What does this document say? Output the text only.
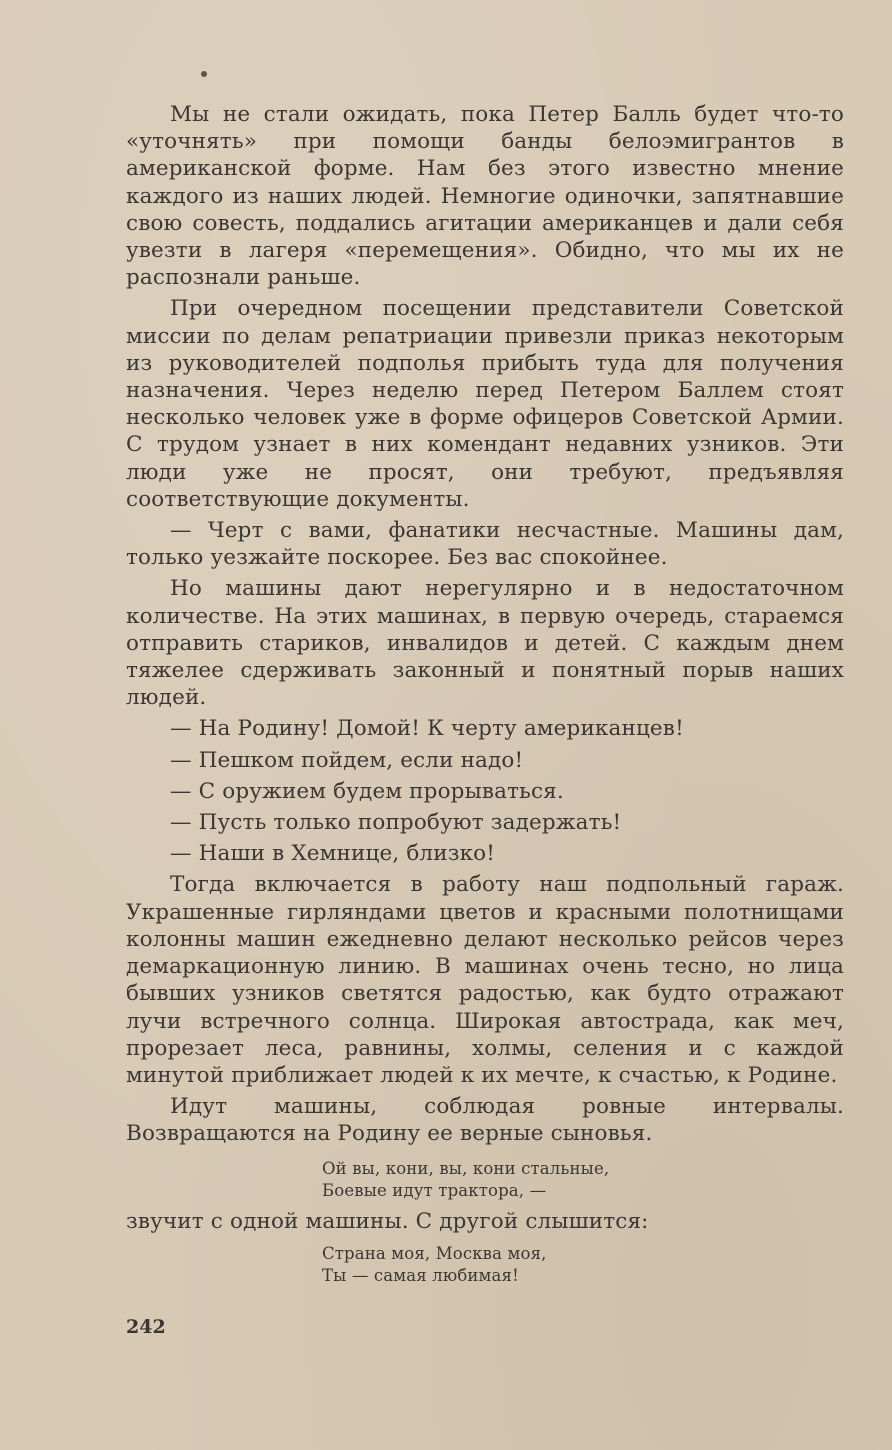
Мы не стали ожидать, пока Петер Балль будет что-то «уточнять» при помощи банды белоэмигрантов в американской форме. Нам без этого известно мнение каждого из наших людей. Немногие одиночки, запятнавшие свою совесть, поддались агитации американцев и дали себя увезти в лагеря «перемещения». Обидно, что мы их не распознали раньше.

При очередном посещении представители Советской миссии по делам репатриации привезли приказ некоторым из руководителей подполья прибыть туда для получения назначения. Через неделю перед Петером Баллем стоят несколько человек уже в форме офицеров Советской Армии. С трудом узнает в них комендант недавних узников. Эти люди уже не просят, они требуют, предъявляя соответствующие документы.

— Черт с вами, фанатики несчастные. Машины дам, только уезжайте поскорее. Без вас спокойнее.

Но машины дают нерегулярно и в недостаточном количестве. На этих машинах, в первую очередь, стараемся отправить стариков, инвалидов и детей. С каждым днем тяжелее сдерживать законный и понятный порыв наших людей.

— На Родину! Домой! К черту американцев!

— Пешком пойдем, если надо!

— С оружием будем прорываться.

— Пусть только попробуют задержать!

— Наши в Хемнице, близко!

Тогда включается в работу наш подпольный гараж. Украшенные гирляндами цветов и красными полотнищами колонны машин ежедневно делают несколько рейсов через демаркационную линию. В машинах очень тесно, но лица бывших узников светятся радостью, как будто отражают лучи встречного солнца. Широкая автострада, как меч, прорезает леса, равнины, холмы, селения и с каждой минутой приближает людей к их мечте, к счастью, к Родине.

Идут машины, соблюдая ровные интервалы. Возвращаются на Родину ее верные сыновья.

Ой вы, кони, вы, кони стальные,
Боевые идут трактора, —

звучит с одной машины. С другой слышится:

Страна моя, Москва моя,
Ты — самая любимая!
242
